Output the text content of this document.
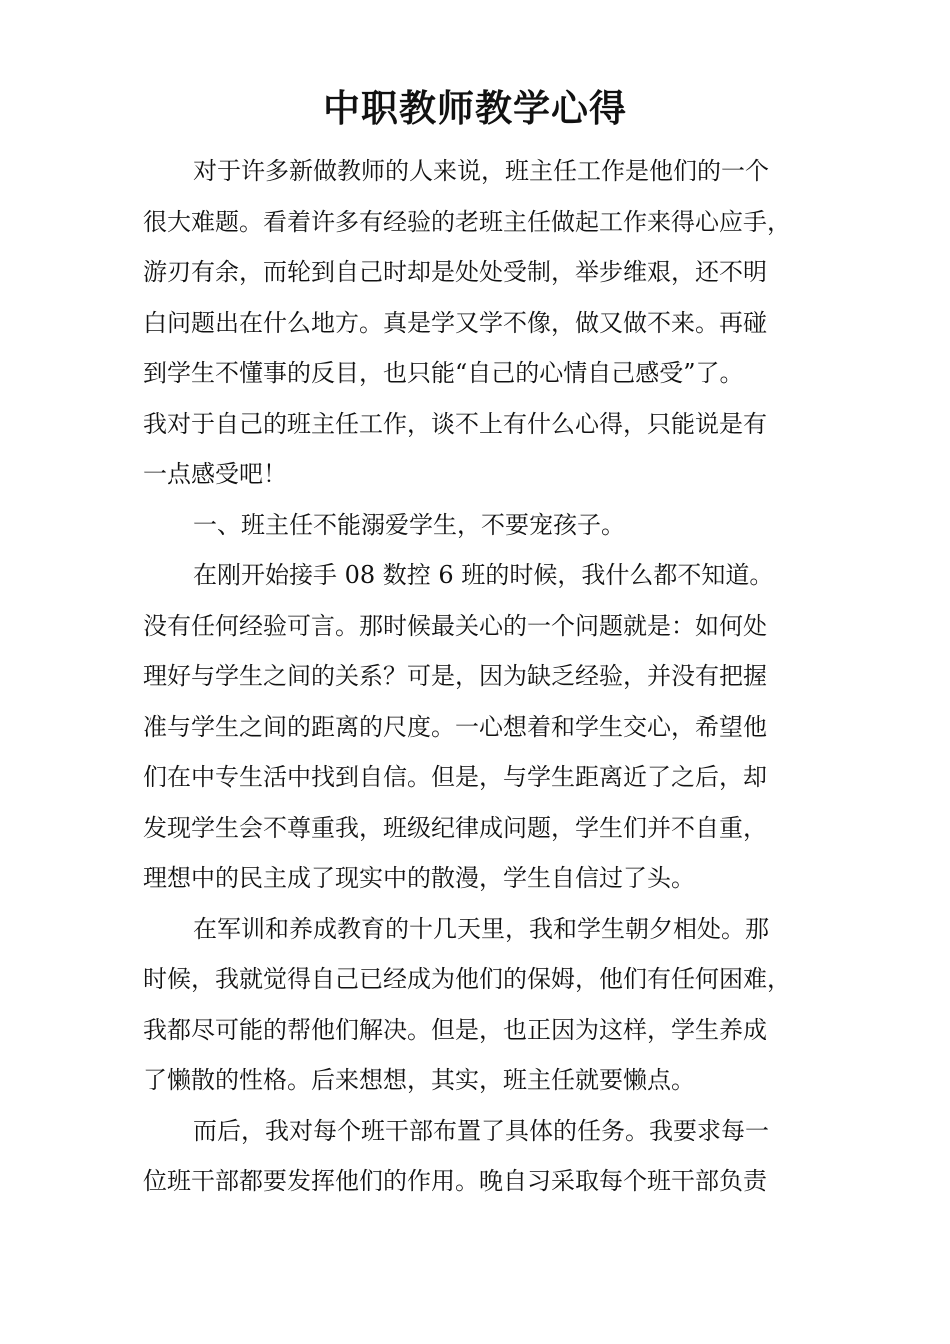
中职教师教学心得
对于许多新做教师的人来说，班主任工作是他们的一个
很大难题。看着许多有经验的老班主任做起工作来得心应手，
游刃有余，而轮到自己时却是处处受制，举步维艰，还不明
白问题出在什么地方。真是学又学不像，做又做不来。再碰
到学生不懂事的反目，也只能“自己的心情自己感受”了。
我对于自己的班主任工作，谈不上有什么心得，只能说是有
一点感受吧！
一、班主任不能溺爱学生，不要宠孩子。
在刚开始接手 08 数控 6 班的时候，我什么都不知道。
没有任何经验可言。那时候最关心的一个问题就是：如何处
理好与学生之间的关系？可是，因为缺乏经验，并没有把握
准与学生之间的距离的尺度。一心想着和学生交心，希望他
们在中专生活中找到自信。但是，与学生距离近了之后，却
发现学生会不尊重我，班级纪律成问题，学生们并不自重，
理想中的民主成了现实中的散漫，学生自信过了头。
在军训和养成教育的十几天里，我和学生朝夕相处。那
时候，我就觉得自己已经成为他们的保姆，他们有任何困难，
我都尽可能的帮他们解决。但是，也正因为这样，学生养成
了懒散的性格。后来想想，其实，班主任就要懒点。
而后，我对每个班干部布置了具体的任务。我要求每一
位班干部都要发挥他们的作用。晚自习采取每个班干部负责
